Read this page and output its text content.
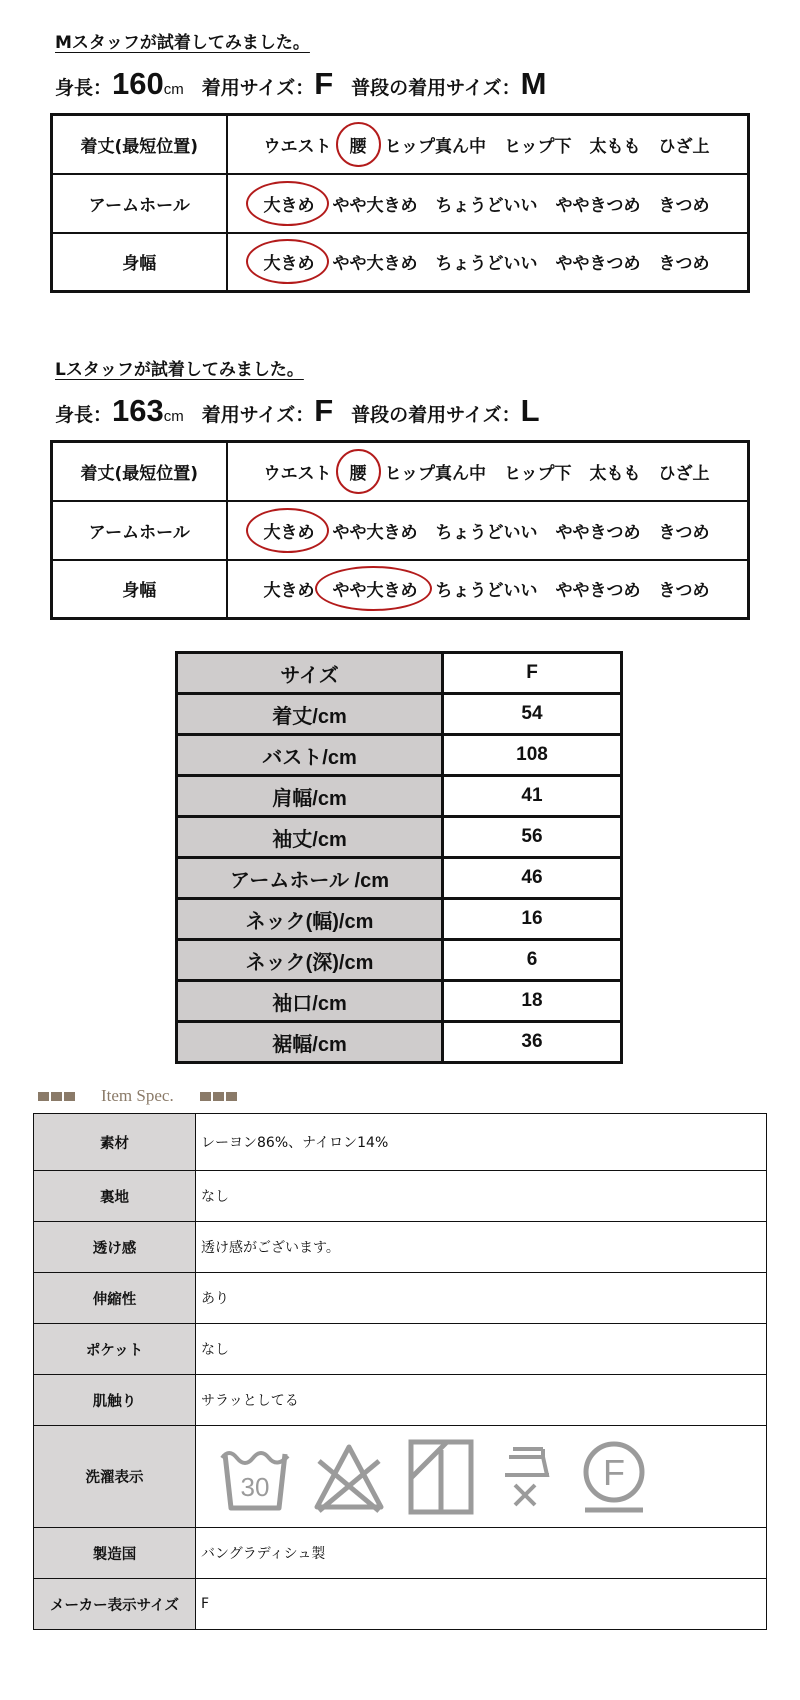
Mスタッフが試着してみました。
身長： 160 cm 着用サイズ： F 普段の着用サイズ： M
着丈(最短位置)	ウエスト 腰 ヒップ真ん中 ヒップ下 太もも ひざ上
アームホール	大きめ やや大きめ ちょうどいい ややきつめ きつめ
身幅	大きめ やや大きめ ちょうどいい ややきつめ きつめ
Lスタッフが試着してみました。
身長： 163 cm 着用サイズ： F 普段の着用サイズ： L
着丈(最短位置)	ウエスト 腰 ヒップ真ん中 ヒップ下 太もも ひざ上
アームホール	大きめ やや大きめ ちょうどいい ややきつめ きつめ
身幅	大きめ やや大きめ ちょうどいい ややきつめ きつめ
サイズ	F
着丈/cm	54
バスト/cm	108
肩幅/cm	41
袖丈/cm	56
アームホール /cm	46
ネック(幅)/cm	16
ネック(深)/cm	6
袖口/cm	18
裾幅/cm	36
Item Spec.
素材	レーヨン86%、ナイロン14%
裏地	なし
透け感	透け感がございます。
伸縮性	あり
ポケット	なし
肌触り	サラッとしてる
洗濯表示	30 F

製造国	バングラディシュ製
メーカー表示サイズ	F
